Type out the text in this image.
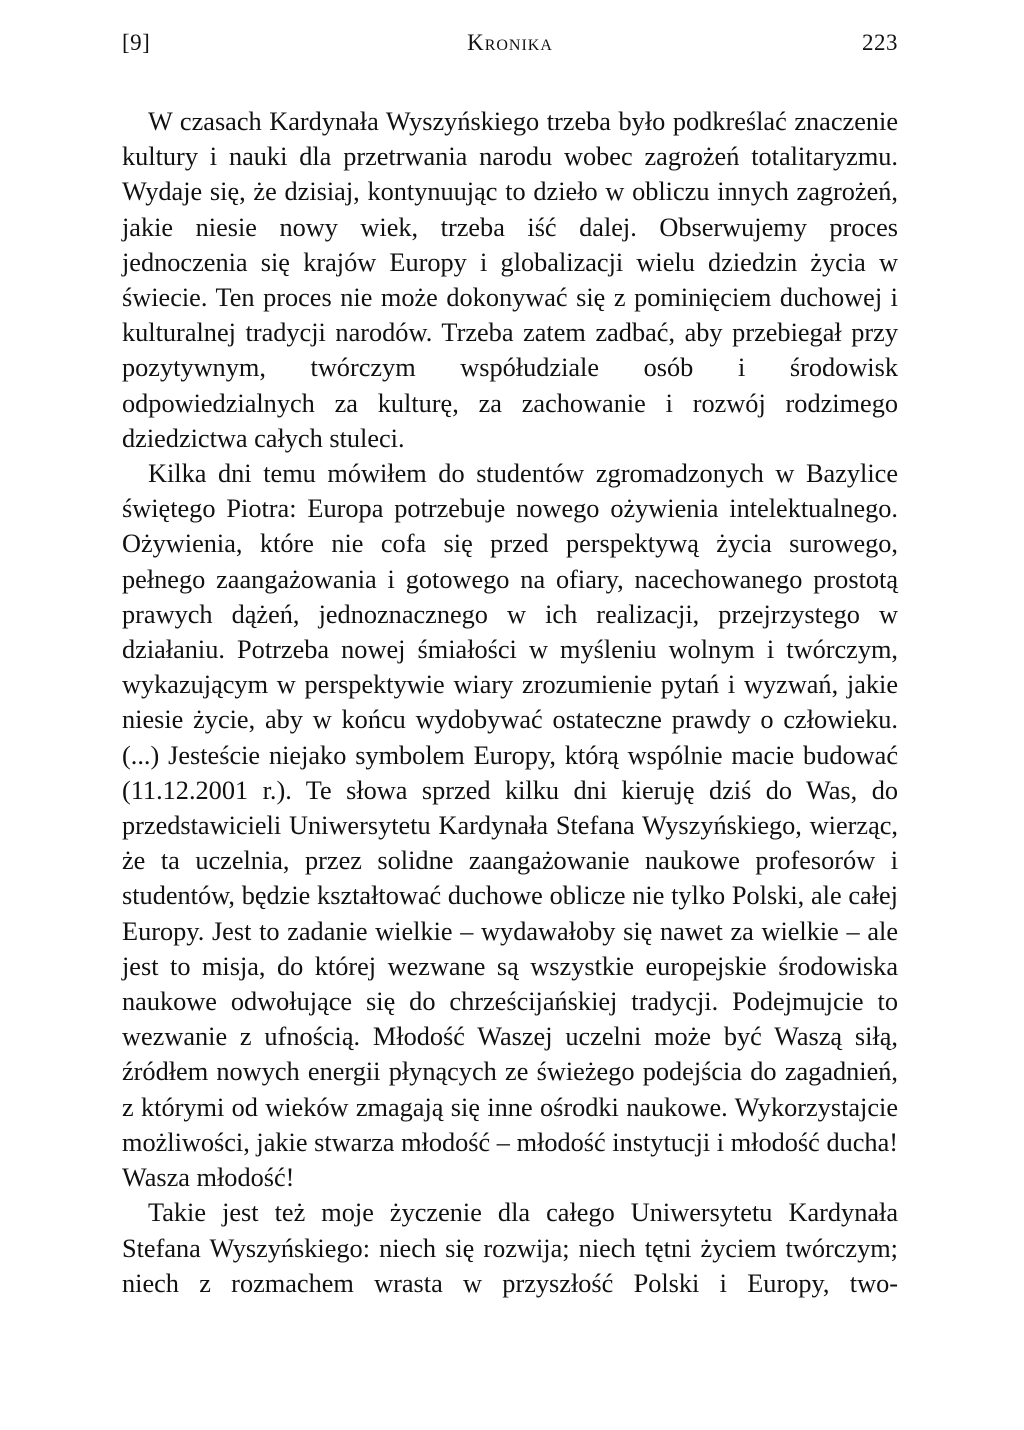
[9]	Kronika	223

W czasach Kardynała Wyszyńskiego trzeba było podkreślać znaczenie kultury i nauki dla przetrwania narodu wobec zagrożeń totalitaryzmu. Wydaje się, że dzisiaj, kontynuując to dzieło w obliczu innych zagrożeń, jakie niesie nowy wiek, trzeba iść dalej. Obserwujemy proces jednoczenia się krajów Europy i globalizacji wielu dziedzin życia w świecie. Ten proces nie może dokonywać się z pominięciem duchowej i kulturalnej tradycji narodów. Trzeba zatem zadbać, aby przebiegał przy pozytywnym, twórczym współudziale osób i środowisk odpowiedzialnych za kulturę, za zachowanie i rozwój rodzimego dziedzictwa całych stuleci.

Kilka dni temu mówiłem do studentów zgromadzonych w Bazylice świętego Piotra: Europa potrzebuje nowego ożywienia intelektualnego. Ożywienia, które nie cofa się przed perspektywą życia surowego, pełnego zaangażowania i gotowego na ofiary, nacechowanego prostotą prawych dążeń, jednoznacznego w ich realizacji, przejrzystego w działaniu. Potrzeba nowej śmiałości w myśleniu wolnym i twórczym, wykazującym w perspektywie wiary zrozumienie pytań i wyzwań, jakie niesie życie, aby w końcu wydobywać ostateczne prawdy o człowieku. (...) Jesteście niejako symbolem Europy, którą wspólnie macie budować (11.12.2001 r.). Te słowa sprzed kilku dni kieruję dziś do Was, do przedstawicieli Uniwersytetu Kardynała Stefana Wyszyńskiego, wierząc, że ta uczelnia, przez solidne zaangażowanie naukowe profesorów i studentów, będzie kształtować duchowe oblicze nie tylko Polski, ale całej Europy. Jest to zadanie wielkie – wydawałoby się nawet za wielkie – ale jest to misja, do której wezwane są wszystkie europejskie środowiska naukowe odwołujące się do chrześcijańskiej tradycji. Podejmujcie to wezwanie z ufnością. Młodość Waszej uczelni może być Waszą siłą, źródłem nowych energii płynących ze świeżego podejścia do zagadnień, z którymi od wieków zmagają się inne ośrodki naukowe. Wykorzystajcie możliwości, jakie stwarza młodość – młodość instytucji i młodość ducha! Wasza młodość!

Takie jest też moje życzenie dla całego Uniwersytetu Kardynała Stefana Wyszyńskiego: niech się rozwija; niech tętni życiem twórczym; niech z rozmachem wrasta w przyszłość Polski i Europy, two-
